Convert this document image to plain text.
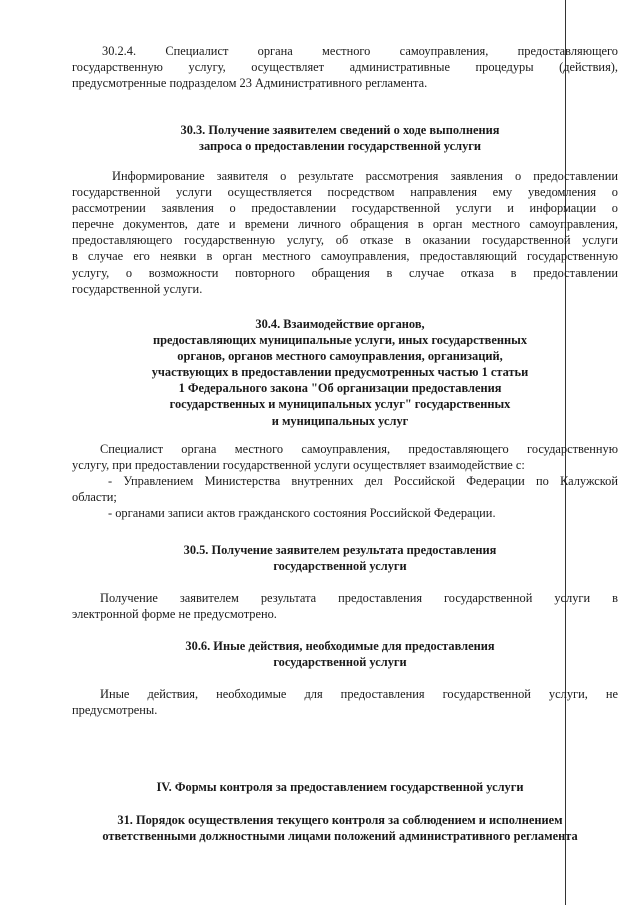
30.2.4.    Специалист    органа    местного    самоуправления,    предоставляющего
государственную услугу, осуществляет административные процедуры (действия),
предусмотренные подразделом 23 Административного регламента.
30.3. Получение заявителем сведений о ходе выполнения
запроса о предоставлении государственной услуги
Информирование заявителя о результате рассмотрения заявления о предоставлении
государственной услуги осуществляется посредством направления ему уведомления о
рассмотрении заявления о предоставлении государственной услуги и информации о
перечне документов, дате и времени личного обращения в орган местного самоуправления,
предоставляющего государственную услугу, об отказе в оказании государственной услуги
в случае его неявки в орган местного самоуправления, предоставляющий государственную
услугу, о возможности повторного обращения в случае отказа в предоставлении
государственной услуги.
30.4. Взаимодействие органов,
предоставляющих муниципальные услуги, иных государственных
органов, органов местного самоуправления, организаций,
участвующих в предоставлении предусмотренных частью 1 статьи
1 Федерального закона "Об организации предоставления
государственных и муниципальных услуг" государственных
и муниципальных услуг
Специалист органа местного самоуправления, предоставляющего государственную
услугу, при предоставлении государственной услуги осуществляет взаимодействие с:
- Управлением Министерства внутренних дел Российской Федерации по Калужской
области;
- органами записи актов гражданского состояния Российской Федерации.
30.5. Получение заявителем результата предоставления
государственной услуги
Получение заявителем результата предоставления государственной услуги в
электронной форме не предусмотрено.
30.6. Иные действия, необходимые для предоставления
государственной услуги
Иные действия, необходимые для предоставления государственной услуги, не
предусмотрены.
IV. Формы контроля за предоставлением государственной услуги
31. Порядок осуществления текущего контроля за соблюдением и исполнением
ответственными должностными лицами положений административного регламента
